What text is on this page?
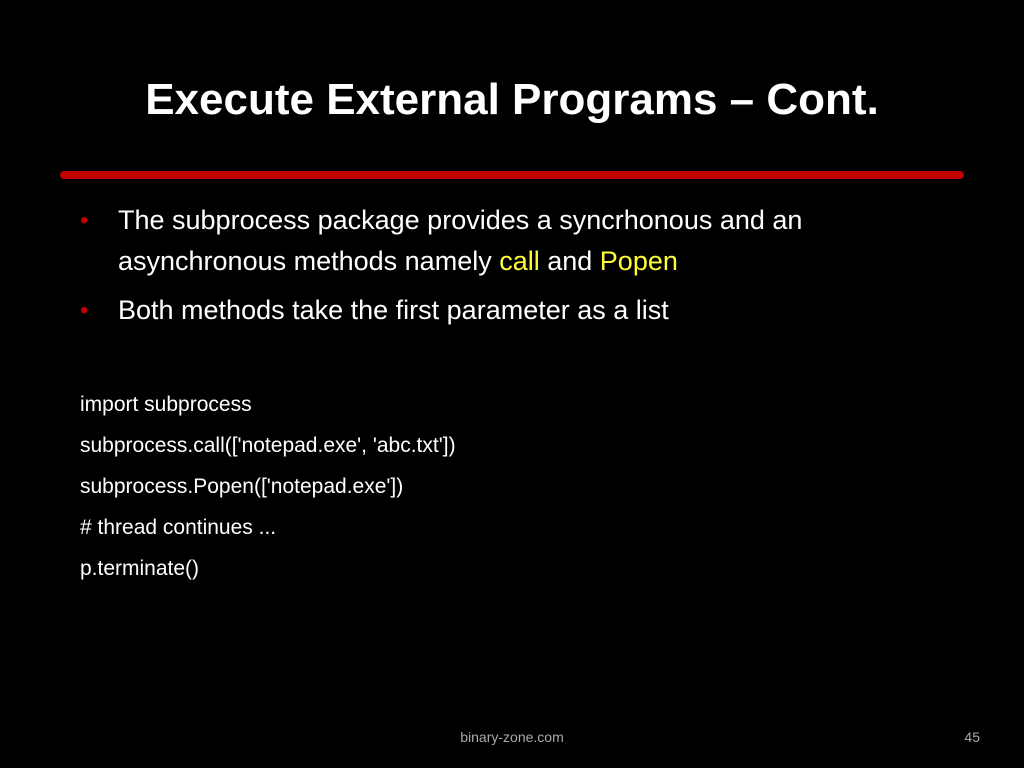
Execute External Programs – Cont.
• The subprocess package provides a syncrhonous and an asynchronous methods namely call and Popen
• Both methods take the first parameter as a list
import subprocess
subprocess.call(['notepad.exe', 'abc.txt'])
subprocess.Popen(['notepad.exe'])
# thread continues ...
p.terminate()
binary-zone.com	45
